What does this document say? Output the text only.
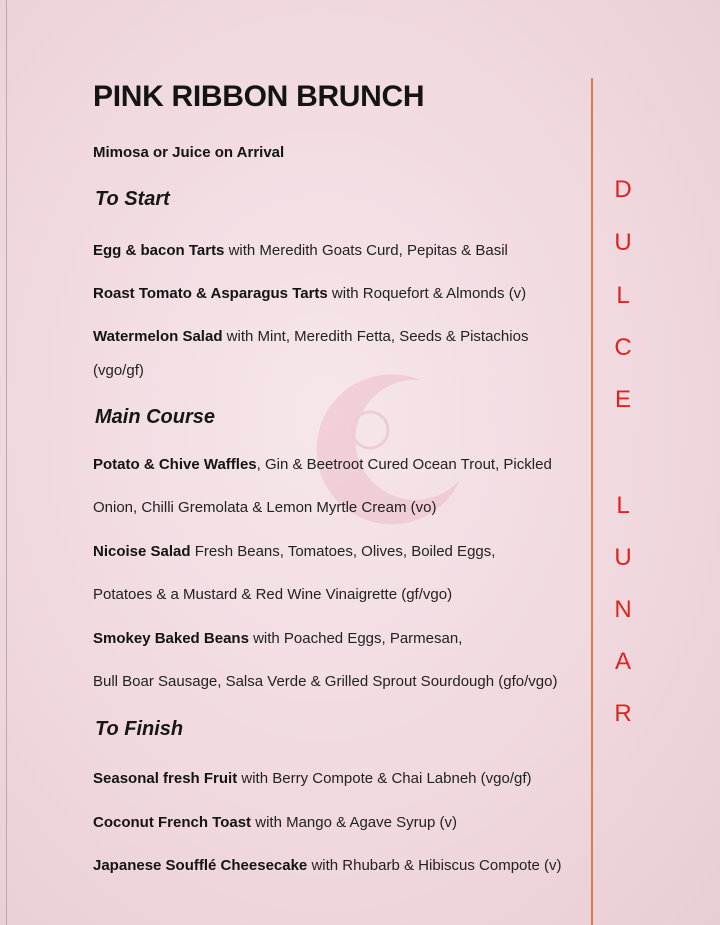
PINK RIBBON BRUNCH
Mimosa or Juice on Arrival
To Start
Egg & bacon Tarts with Meredith Goats Curd, Pepitas & Basil
Roast Tomato & Asparagus Tarts with Roquefort & Almonds (v)
Watermelon Salad with Mint, Meredith Fetta, Seeds & Pistachios
(vgo/gf)
Main Course
Potato & Chive Waffles, Gin & Beetroot Cured Ocean Trout, Pickled
Onion, Chilli Gremolata & Lemon Myrtle Cream (vo)
Nicoise Salad Fresh Beans, Tomatoes, Olives, Boiled Eggs,
Potatoes & a Mustard & Red Wine Vinaigrette (gf/vgo)
Smokey Baked Beans with Poached Eggs, Parmesan,
Bull Boar Sausage, Salsa Verde & Grilled Sprout Sourdough (gfo/vgo)
To Finish
Seasonal fresh Fruit with Berry Compote & Chai Labneh (vgo/gf)
Coconut French Toast with Mango & Agave Syrup (v)
Japanese Soufflé Cheesecake with Rhubarb & Hibiscus Compote (v)
D
U
L
C
E
L
U
N
A
R
